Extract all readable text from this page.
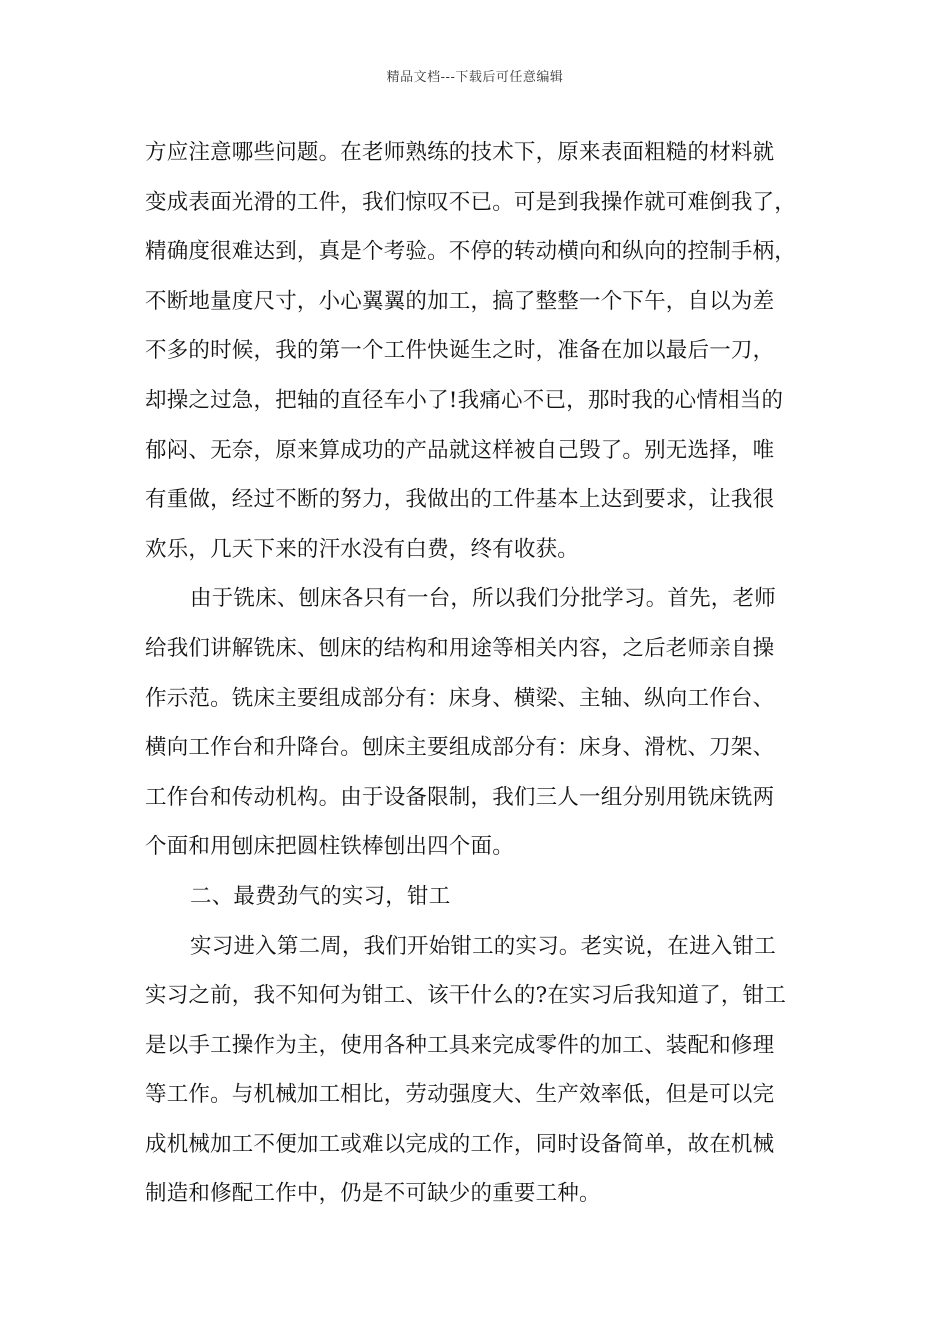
精品文档---下载后可任意编辑
方应注意哪些问题。在老师熟练的技术下，原来表面粗糙的材料就
变成表面光滑的工件，我们惊叹不已。可是到我操作就可难倒我了，
精确度很难达到，真是个考验。不停的转动横向和纵向的控制手柄，
不断地量度尺寸，小心翼翼的加工，搞了整整一个下午，自以为差
不多的时候，我的第一个工件快诞生之时，准备在加以最后一刀，
却操之过急，把轴的直径车小了!我痛心不已，那时我的心情相当的
郁闷、无奈，原来算成功的产品就这样被自己毁了。别无选择，唯
有重做，经过不断的努力，我做出的工件基本上达到要求，让我很
欢乐，几天下来的汗水没有白费，终有收获。
由于铣床、刨床各只有一台，所以我们分批学习。首先，老师
给我们讲解铣床、刨床的结构和用途等相关内容，之后老师亲自操
作示范。铣床主要组成部分有：床身、横梁、主轴、纵向工作台、
横向工作台和升降台。刨床主要组成部分有：床身、滑枕、刀架、
工作台和传动机构。由于设备限制，我们三人一组分别用铣床铣两
个面和用刨床把圆柱铁棒刨出四个面。
二、最费劲气的实习，钳工
实习进入第二周，我们开始钳工的实习。老实说，在进入钳工
实习之前，我不知何为钳工、该干什么的?在实习后我知道了，钳工
是以手工操作为主，使用各种工具来完成零件的加工、装配和修理
等工作。与机械加工相比，劳动强度大、生产效率低，但是可以完
成机械加工不便加工或难以完成的工作，同时设备简单，故在机械
制造和修配工作中，仍是不可缺少的重要工种。
